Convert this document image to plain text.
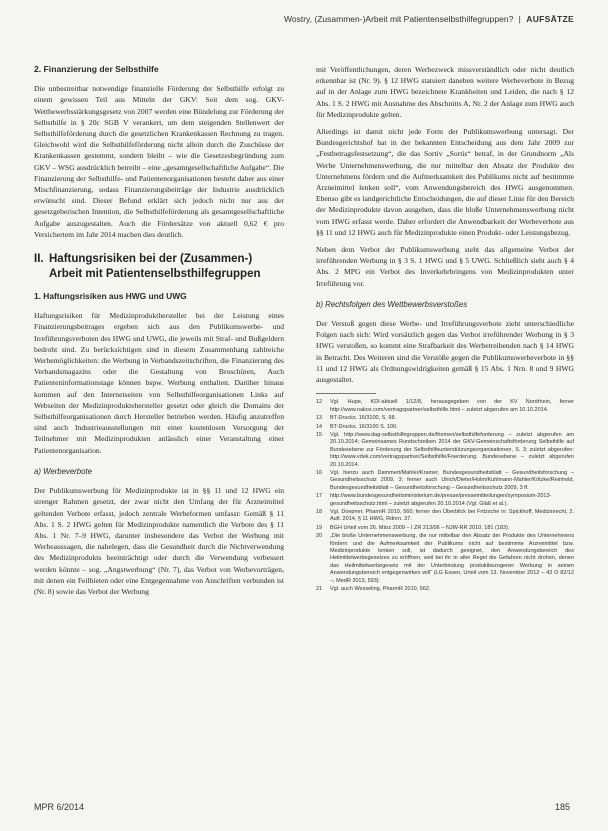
Wostry, (Zusammen-)Arbeit mit Patientenselbsthilfegruppen? | AUFSÄTZE
2. Finanzierung der Selbsthilfe

Die unbestreitbar notwendige finanzielle Förderung der Selbsthilfe erfolgt zu einem gewissen Teil aus Mitteln der GKV: Seit dem sog. GKV-Wettbewerbsstärkungsgesetz von 2007 werden eine Bündelung zur Förderung der Selbsthilfe in § 20c SGB V verankert, um dem steigenden Stellenwert der Selbsthilfeförderung durch die gesetzlichen Krankenkassen Rechnung zu tragen. Gleichwohl wird die Selbsthilfeförderung nicht allein durch die Zuschüsse der Krankenkassen gestemmt, sondern bleibt – wie die Gesetzesbegründung zum GKV – WSG ausdrücklich betreibt – eine „gesamtgesellschaftliche Aufgabe“. Die Finanzierung der Selbsthilfe- und Patientenorganisationen besteht daher aus einer Mischfinanzierung, sodass Finanzierungsbeiträge der Industrie ausdrücklich erwünscht sind. Dieser Befund erklärt sich jedoch nicht nur aus der gesetzgeberischen Intention, die Selbsthilfeförderung als gesamtgesellschaftliche Aufgabe auszugestalten. Auch die Fördersätze von aktuell 0,62 € pro Versichertem im Jahr 2014 machen dies deutlich.

II. Haftungsrisiken bei der (Zusammen-)
Arbeit mit Patientenselbsthilfegruppen
1. Haftungsrisiken aus HWG und UWG

Haftungsrisiken für Medizinprodukthersteller bei der Leistung eines Finanzierungsbeitrages ergeben sich aus den Publikumswerbe- und Irreführungsverboten des HWG und UWG, die jeweils mit Straf- und Bußgeldern bedroht sind. Zu berücksichtigen sind in diesem Zusammenhang zahlreiche Werbemöglichkeiten: die Werbung in Verbandszeitschriften, die Finanzierung des Verbandsmagazins oder die Gestaltung von Broschüren, Auch Patienteninformationstage können bspw. Werbung enthalten. Darüber hinaus kommen auf den Internetseiten von Selbsthilfeorganisationen Links auf Webseiten der Medizinproduktehersteller gesetzt oder gleich die Domains der Selbsthilfeorganisationen durch Hersteller betrieben werden. Häufig anzutreffen sind auch Industrieausstellungen mit einer kostenlosen Versorgung der Teilnehmer mit Medizinprodukten anlässlich einer Veranstaltung einer Patientenorganisation.

a) Werbeverbote

Der Publikumswerbung für Medizinprodukte ist in §§ 11 und 12 HWG ein strenger Rahmen gesetzt, der zwar nicht den Umfang der für Arzneimittel geltenden Verbote erfasst, jedoch zentrale Werbeformen umfasst: Gemäß § 11 Abs. 1 S. 2 HWG gelten für Medizinprodukte namentlich die Verbote des § 11 Abs. 1 Nr. 7–9 HWG, darunter insbesondere das Verbot der Werbung mit Werbeaussagen, die nahelegen, dass die Gesundheit durch die Nichtverwendung des Medizinprodukts beeinträchtigt oder durch die Verwendung verbessert werden könnte – sog. „Angstwerbung“ (Nr. 7), das Verbot von Werbevorträgen, mit denen ein Feilbieten oder eine Entgegennahme von Anschriften verbunden ist (Nr. 8) sowie das Verbot der Werbung

mit Veröffentlichungen, deren Werbezweck missverständlich oder nicht deutlich erkennbar ist (Nr. 9). § 12 HWG statuiert daneben weitere Werbeverbote in Bezug auf in der Anlage zum HWG bezeichnete Krankheiten und Leiden, die nach § 12 Abs. 1 S. 2 HWG mit Ausnahme des Abschnitts A, Nr. 2 der Anlage zum HWG auch für Medizinprodukte gelten.

Allerdings ist damit nicht jede Form der Publikumswerbung untersagt. Der Bundesgerichtshof hat in der bekannten Entscheidung aus dem Jahr 2009 zur „Festbetragsfestsetzung“, die das Sortiv „Sortis“ betraf, in der Grundnorm „Als Werbe Unternehmenswerbung, die nur mittelbar den Absatz der Produkte des Unternehmens fördern und die Aufmerksamkeit des Publikums nicht auf bestimmte Arzneimittel lenken soll“, vom Anwendungsbereich des HWG ausgenommen. Ebenso gibt es landgerichtliche Entscheidungen, die auf dieser Linie für den Bereich der Medizinprodukte davon ausgehen, dass die bloße Unternehmenswerbung nicht vom HWG erfasst werde. Daher erfordert die Anwendbarkeit der Werbeverbote aus §§ 11 und 12 HWG auch für Medizinprodukte einen Produkt- oder Leistungsbezug.

Neben dem Verbot der Publikumswerbung steht das allgemeine Verbot der irreführenden Werbung in § 3 S. 1 HWG und § 5 UWG. Schließlich sieht auch § 4 Abs. 2 MPG ein Verbot des Inverkehrbringens von Medizinprodukten unter Irreführung vor.

b) Rechtsfolgen des Wettbewerbsverstoßes

Der Verstoß gegen diese Werbe- und Irreführungsverbote zieht unterschiedliche Folgen nach sich: Wird vorsätzlich gegen das Verbot irreführender Werbung in § 3 HWG verstoßen, so kommt eine Strafbarkeit des Werbetreibenden nach § 14 HWG in Betracht. Des Weiteren sind die Verstöße gegen die Publikumswerbeverbote in §§ 11 und 12 HWG als Ordnungswidrigkeiten gemäß § 15 Abs. 1 Nrn. 8 und 9 HWG ausgestaltet.

12	Vgl. Hupe, KDI-aktuell 1/12/8, herausgegeben von der KV Nordrhein, ferner http://www.nakos.com/vertragspartner/selbsthilfe.html – zuletzt abgerufen am 10.10.2014.
13	BT-Drucks. 16/3100, S. 98.
14	BT-Drucks. 16/3100 S. 100.
15	Vgl. http://www.dag-selbsthilfegruppen.de/themen/selbsthilfeforderung – zuletzt abgerufen am 20.10.2014; Gemeinsames Rundschreiben 2014 der GKV-Gemeinschaftsförderung Selbsthilfe auf Bundesebene zur Förderung der Selbsthilfeunterstützungsorganisationen, S. 3; zuletzt abgerufen: http://www.vdek.com/vertragspartner/Selbsthilfe/Foerderung. Bundesebene – zuletzt abgerufen 20.10.2014.
16	Vgl. hierzu auch Dammert/Mahler/Kramer, Bundesgesundheitsblatt – Gesundheitsforschung – Gesundheitsschutz 2009, 3; ferner auch Ulrich/Dieter/Holm/Kuhlmann-Mahler/Kötzke/Reinhold, Bundesgesundheitsblatt – Gesundheitsforschung – Gesundheitsschutz 2009, 3 ff.
17	http://www.bundesgesundheitsministerium.de/presse/pressemitteilungen/symposium-2013-gesundheitsschutz.html – zuletzt abgerufen 20.10.2014 (Vgl. Gläß et al.).
18	Vgl. Doepner, PharmR 2010, 560; ferner den Überblick bei Fritzsche in: Spickhoff, Medizinrecht, 2. Aufl. 2014, § 11 HWG, Rdnrn. 37.
19	BGH Urteil vom 26. März 2009 – I ZR 213/06 – NJW-RR 2010, 181 (183).
20	„Die bloße Unternehmenswerbung, die nur mittelbar den Absatz der Produkte des Unternehmens fördern und die Aufmerksamkeit der Publikums nicht auf bestimmte Arzneimittel bzw. Medizinprodukte lenken soll, ist dadurch geeignet, den Anwendungsbereich des Heilmittelwerbegesetzes zu eröffnen, weil bei ihr in aller Regel die Gefahren nicht drohen, denen das Heilmittelwerbegesetz mit der Unterbindung produktbezogener Werbung in seinen Anwendungsbereich entgegenwirken will“ (LG Essen, Urteil vom 13. November 2012 – 43 O 82/12 –, MedR 2013, 593).
21	Vgl. auch Wesseling, PharmR 2010, 562.
MPR 6/2014	185
